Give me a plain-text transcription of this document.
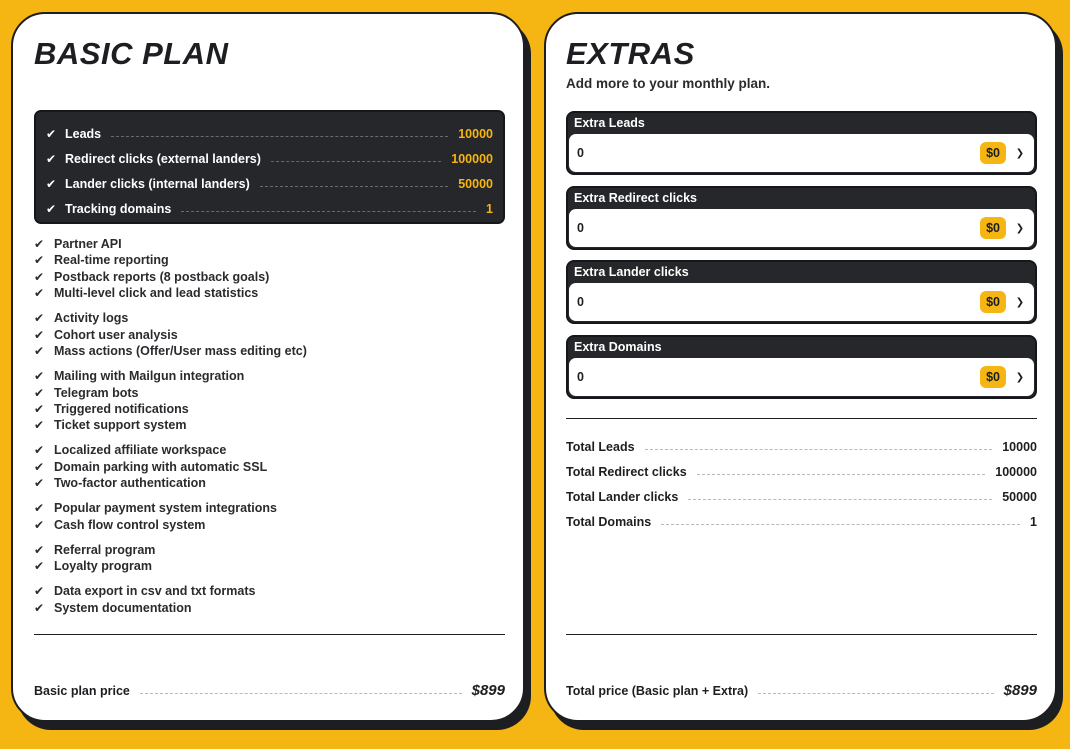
BASIC PLAN
✔ Leads	10000
✔ Redirect clicks (external landers)	100000
✔ Lander clicks (internal landers)	50000
✔ Tracking domains	1
✔ Partner API
✔ Real-time reporting
✔ Postback reports (8 postback goals)
✔ Multi-level click and lead statistics
✔ Activity logs
✔ Cohort user analysis
✔ Mass actions (Offer/User mass editing etc)
✔ Mailing with Mailgun integration
✔ Telegram bots
✔ Triggered notifications
✔ Ticket support system
✔ Localized affiliate workspace
✔ Domain parking with automatic SSL
✔ Two-factor authentication
✔ Popular payment system integrations
✔ Cash flow control system
✔ Referral program
✔ Loyalty program
✔ Data export in csv and txt formats
✔ System documentation
Basic plan price	$899
EXTRAS
Add more to your monthly plan.
Extra Leads
0	$0	❯
Extra Redirect clicks
0	$0	❯
Extra Lander clicks
0	$0	❯
Extra Domains
0	$0	❯
Total Leads	10000
Total Redirect clicks	100000
Total Lander clicks	50000
Total Domains	1
Total price (Basic plan + Extra)	$899
